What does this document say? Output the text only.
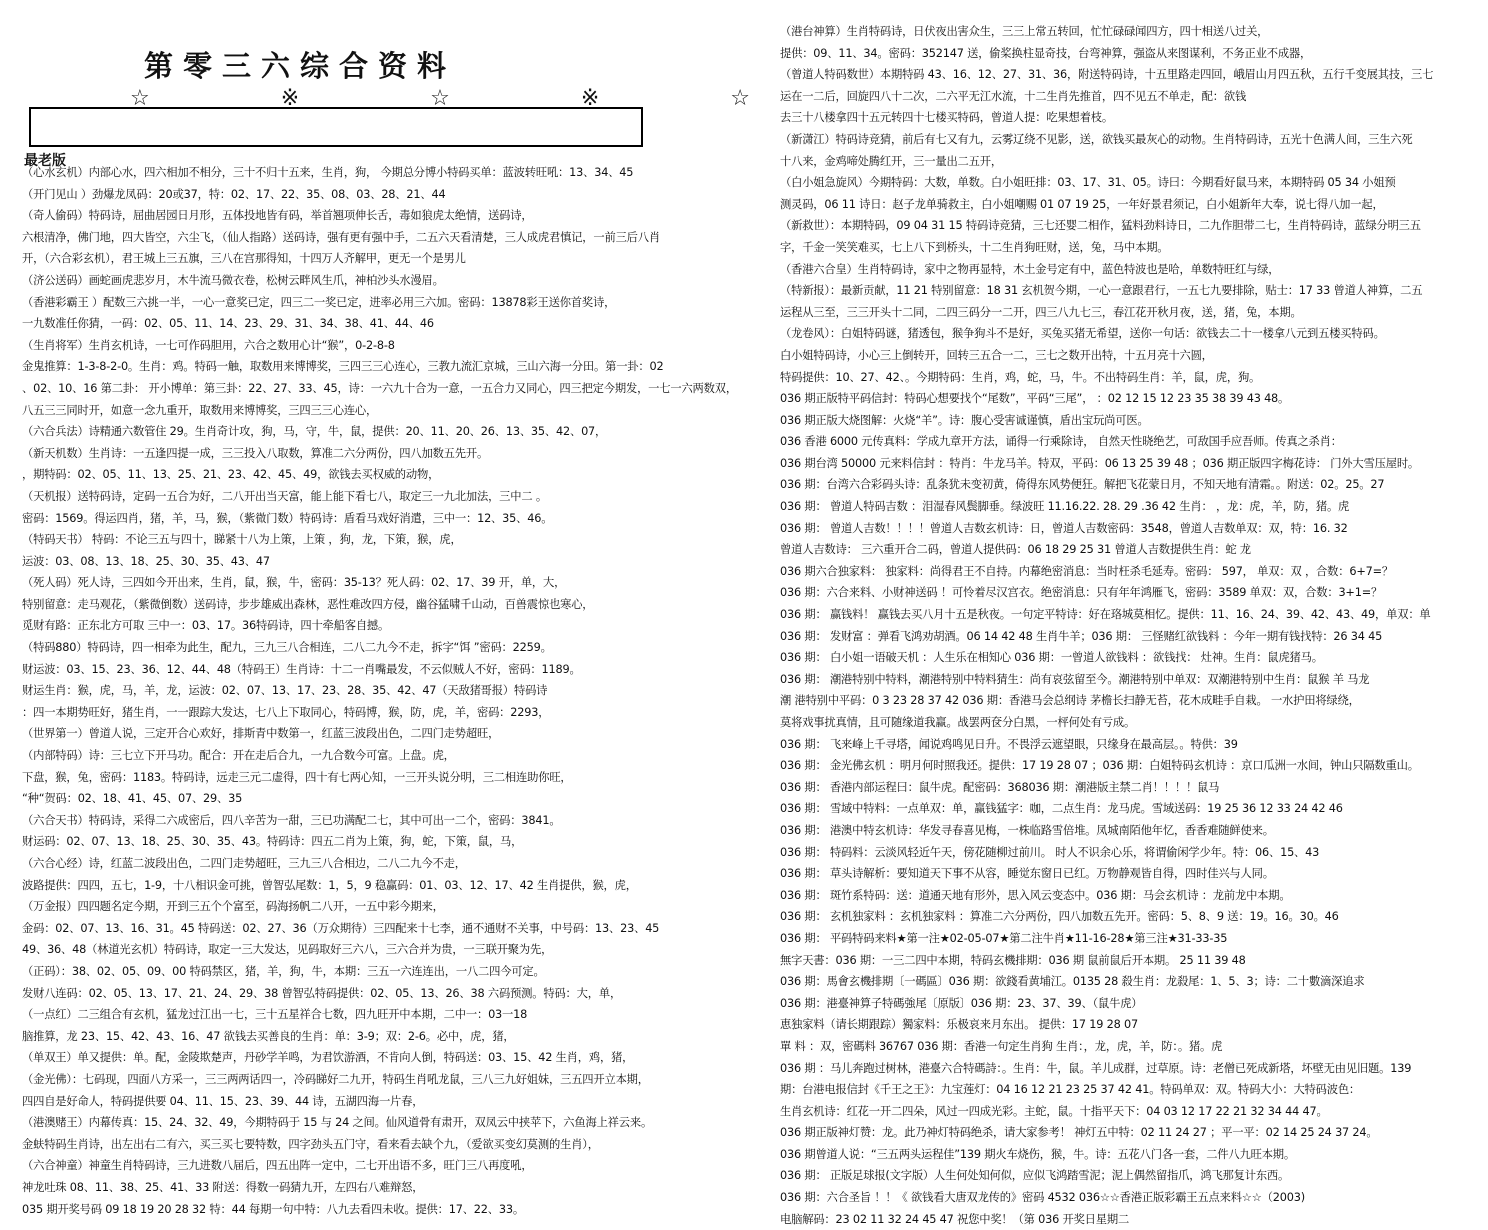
第零三六综合资料
☆ ※ ☆ ※ ☆
最老版
（心水玄机）内部心水，四六相加不相分，三十不归十五来，生肖，狗， 今期总分博小特码买单：蓝波转旺吼：13、34、45
（开门见山 ）劲爆龙凤码：20或37，特：02、17、22、35、08、03、28、21、44
（奇人偷码）特码诗，屈曲居园日月形，五体投地皆有码，举首翘项伸长舌，毒如狼虎太绝情，送码诗，
六根清净，佛门地，四大皆空，六尘飞，（仙人指路）送码诗，强有更有强中手，二五六天看清楚，三人成虎君慎记，一前三后八肖
开，（六合彩玄机），君王城上三五旗，三八在宫那得知，十四万人齐解甲，更无一个是男儿
（济公送码）画蛇画虎悲岁月，木牛流马微衣卷，松树云畔风生爪，神柏沙头水漫眉。
（香港彩霸王 ）配数三六挑一半，一心一意奖已定，四三二一奖已定，进率必用三六加。密码：13878彩王送你首奖诗，
一九数准任你猜，一码：02、05、11、14、23、29、31、34、38、41、44、46
（生肖将军）生肖玄机诗，一七可作码胆用，六合之数用心计“猴”，0-2-8-8
金鬼推算：1-3-8-2-0。生肖：鸡。特码一触，取数用来博博奖，三四三三心连心，三教九流汇京城，三山六海一分田。第一卦：02
、02、10、16 第二卦： 开小博单：第三卦：22、27、33、45，诗：一六九十合为一意，一五合力又同心，四三把定今期发，一七一六两数双，
八五三三同时开，如意一念九重开，取数用来博博奖，三四三三心连心，
（六合兵法）诗精通六数管住 29。生肖奇计攻，狗，马，守，牛，鼠，提供：20、11、20、26、13、35、42、07，
（新天机数）生肖诗：一五逢四提一成，三三投入八取数，算准二六分两份，四八加数五先开。
，期特码：02、05、11、13、25、21、23、42、45、49，欲钱去买权威的动物，
（天机报）送特码诗，定码一五合为好，二八开出当天富，能上能下看七八，取定三一九北加法，三中二 。
密码：1569。得运四肖，猪，羊，马，猴，（紫微门数）特码诗：盾看马戏好消遣，三中一：12、35、46。
（特码天书） 特码：不论三五与四十，睇紧十八为上策，上策 ，狗，龙，下策，猴，虎，
运波：03、08、13、18、25、30、35、43、47
（死人码）死人诗，三四如今开出来，生肖，鼠，猴，牛，密码：35-13？死人码：02、17、39 开，单，大，
特别留意：走马观花，（紫微倒数）送码诗，步步雄威出森林，恶性难改四方侵，幽谷猛啸千山动，百兽震惊也寒心，
觅财有路：正东北方可取 三中一：03、17。36特码诗，四十牵船客自撼。
（特码880）特码诗，四一相牵为此生，配九，三九三八合相连，二八二九今不走，拆字“饵 ”密码：2259。
财运波：03、15、23、36、12、44、48（特码王）生肖诗：十二一肖嘴最发，不云似贼人不好，密码：1189。
财运生肖：猴，虎，马，羊，龙，运波：02、07、13、17、23、28、35、42、47（天敌猪哥报）特码诗
：四一本期势旺好，猪生肖，一一跟踪大发达，七八上下取同心，特码博，猴，防，虎，羊，密码：2293，
（世界第一）曾道人说，三定开合心欢好，排斯青中数第一，红蓝三波段出色，二四门走势超旺，
（内部特码）诗：三七立下开马功。配合：开在走后合九，一九合数今可富。上盘。虎，
下盘，猴，兔，密码：1183。特码诗，远走三元二虚得，四十有七两心知，一三开头说分明，三二相连助你旺，
“种“贺码：02、18、41、45、07、29、35
（六合天书）特码诗，采得二六成密后，四八辛苦为一甜，三已功满配二七，其中可出一二个，密码：3841。
财运码：02、07、13、18、25、30、35、43。特码诗：四五二肖为上策，狗，蛇，下策，鼠，马，
（六合心经）诗，红蓝二波段出色，二四门走势超旺，三九三八合相边，二八二九今不走，
波路提供：四四，五七，1-9，十八相识金可挑，曾智弘尾数：1，5，9 稳赢码：01、03、12、17、42 生肖提供，猴，虎，
（万金报）四四题名定今期，开到三五个个富至，码海扬帆二八开，一五中彩今期来，
金码：02、07、13、16、31。45 特码送：02、27、36（万众期待）三四配来十七李，通不通财不关事，中号码：13、23、45
49、36、48（林道光玄机）特码诗，取定一三大发达，见码取好三六八，三六合并为贵，一三联开聚为先，
（正码）：38、02、05、09、00 特码禁区，猪，羊，狗，牛，本期：三五一六连连出，一八二四今可定。
发财八连码：02、05、13、17、21、24、29、38 曾智弘特码提供：02、05、13、26、38 六码预测。特码：大，单，
（一点红）二三组合有玄机，猛龙过江出一七，三十五星祥合七数，四九旺开中本期，二中一：03一18
脑推算，龙 23、15、42、43、16、47 欲钱去买善良的生肖：单：3-9；双：2-6。必中，虎，猪，
（单双王）单又提供：单。配，金陵欺楚声，丹砂学羊鸣，为君饮游酒，不肯向人倒，特码送：03、15、42 生肖，鸡，猪，
（金光佛）：七码现，四面八方采一，三三两两话四一，冷码睇好二九开，特码生肖吼龙鼠，三八三九好姐妹，三五四开立本期，
四四自是好命人，特码提供要 04、11、15、23、39、44 诗，五湖四海一片春，
（港澳赌王）内幕传真：15、24、32、49，今期特码于 15 与 24 之间。仙风道骨有肃开，双凤云中挟苹下，六鱼海上祥云来。
金蚨特码生肖诗，出左出右二有六，买三买七要特数，四字劲头五门守，看来看去缺个九，（爱欲买变幻莫测的生肖），
（六合神童）神童生肖特码诗，三九进数八届后，四五出阵一定中，二七开出语不多，旺门三八再度吼，
神龙吐珠 08、11、38、25、41、33 附送：得数一码猜九开，左四右八难辩怒，
035 期开奖号码 09 18 19 20 28 32 特：44 每期一句中特：八九去看四未收。提供：17、22、33。
（港台神算）生肖特码诗，日伏夜出害众生，三三上常五转回，忙忙碌碌闻四方，四十相送八过关，
提供：09、11、34。密码：352147 送，偷桨换柱显奇技，台弯神算，强盗从来图谋利，不务正业不成器，
（曾道人特码数世）本期特码 43、16、12、27、31、36，附送特码诗，十五里路走四回，峨眉山月四五秋，五行千变展其技，三七
运在一二后，回旋四八十二次，二六平无江水流，十二生肖先推首，四不见五不单走，配：欲钱
去三十八楼拿四十五元转四十七楼买特码，曾道人提：吃果想着枝。
（新潇江）特码诗竞猜，前后有七又有九，云雾辽绕不见影，送，欲钱买最灰心的动物。生肖特码诗，五光十色满人间，三生六死
十八来，金鸡啼处腾红开，三一量出二五开，
（白小姐急旋风）今期特码：大数，单数。白小姐旺排：03、17、31、05。诗曰：今期看好鼠马来，本期特码 05 34 小姐预
测灵码，06 11 诗日：赵子龙单骑救主，白小姐嘲赐 01 07 19 25，一年好景君须记，白小姐新年大奉，说七得八加一起，
（新救世）：本期特码，09 04 31 15 特码诗竞猜，三七还婴二相作，猛料劲料诗日，二九作胆带二七，生肖特码诗，蓝绿分明三五
字，千金一笑笑难买，七上八下到桥头，十二生肖狗旺财，送，兔，马中本期。
（香港六合皇）生肖特码诗，家中之物再显特，木土金号定有中，蓝色特波也是哈，单数特旺红与绿，
（特新报）：最新贡献，11 21 特别留意：18 31 玄机贺今期，一心一意跟君行，一五七九要排除，贴士：17 33 曾道人神算，二五
运程从三至，三三开头十二同，二四三码分一二开，四三八九七三，春江花开秋月夜，送，猪，兔，本期。
（龙卷风）：白姐特码谜，猪透包，猴争狗斗不是好，买兔买猪无希望，送你一句话：欲钱去二十一楼拿八元到五楼买特码。
白小姐特码诗，小心三上倒转开，回转三五合一二，三七之数开出特，十五月亮十六圆，
特码提供：10、27、42、。今期特码：生肖，鸡，蛇，马，牛。不出特码生肖：羊，鼠，虎，狗。
036 期正版特平码信封：特码心想要找个“尾数”，平码“三尾”， ：02 12 15 12 23 35 38 39 43 48。
036 期正版大烧图解：火烧“羊”。诗：腹心受害诚谨慎，盾出宝玩尚可医。
036 香港 6000 元传真料：学成九章开方法，诵得一行乘除诗， 自然天性晓绝艺，可敌国手应吾师。传真之杀肖：
036 期台湾 50000 元来料信封 ：特肖：牛龙马羊。特双，平码：06 13 25 39 48 ；036 期正版四字梅花诗： 门外大雪压屋时。
036 期：台湾六合彩码头诗：乱条犹未变初黄，倚得东风势便狂。解把飞花蒙日月，不知天地有清霜。。附送：02。25。27
036 期： 曾道人特码吉数 ：泪湿春风鬓脚垂。绿波旺 11.16.22. 28. 29 .36 42 生肖： ，龙：虎，羊，防，猪。虎
036 期： 曾道人吉数！！！！曾道人吉数玄机诗：日，曾道人吉数密码：3548，曾道人吉数单双：双，特：16. 32
曾道人吉数诗： 三六重开合二码，曾道人提供码：06 18 29 25 31 曾道人吉数提供生肖：蛇 龙
036 期六合独家料： 独家料：尚得君王不自持。内幕绝密消息：当时枉杀毛延寿。密码： 597， 单双：双 ，合数：6+7=？
036 期：六合来料、小财神送码 ！可怜着尽汉宫衣。绝密消息：只有年年鸿雁飞，密码：3589 单双：双，合数：3+1=？
036 期： 赢钱料！ 赢钱去买八月十五是秋夜。一句定平特诗：好在珞城莫相忆。提供：11、16、24、39、42、43、49，单双：单
036 期： 发财富 ：弹看飞鸿劝胡酒。06 14 42 48 生肖牛羊；036 期： 三怪赌红欲钱料 ：今年一期有钱找特：26 34 45
036 期： 白小姐一语破天机 ：人生乐在相知心 036 期：一曾道人欲钱料 ：欲钱找： 灶神。生肖：鼠虎猪马。
036 期： 潮港特别中特料，潮港特别中特料猜生：尚有哀弦留至今。潮港特别中单双：双潮港特别中生肖：鼠猴 羊 马龙
潮 港特别中平码：0 3 23 28 37 42 036 期：香港马会总纲诗 茅檐长扫静无苔，花木成畦手自栽。 一水护田将绿绕，
莫将戏事扰真情，且可随缘道我赢。战罢两奁分白黑，一枰何处有亏成。
036 期： 飞来峰上千寻塔，闻说鸡鸣见日升。不畏浮云遮望眼，只缘身在最高层。。特供：39
036 期： 金光佛玄机 ：明月何时照我还。提供：17 19 28 07 ；036 期：白姐特码玄机诗 ：京口瓜洲一水间，钟山只隔数重山。
036 期： 香港内部运程曰：鼠牛虎。配密码：368036 期：潮港版主禁二肖！！！！鼠马
036 期： 雪域中特料：一点单双：单，赢钱猛字：咖，二点生肖：龙马虎。雪域送码：19 25 36 12 33 24 42 46
036 期： 港澳中特玄机诗：华发寻春喜见梅，一株临路雪倍堆。凤城南陌他年忆，香香难随鲜使来。
036 期： 特码料：云淡风轻近午天，傍花随柳过前川。 时人不识余心乐，将谓偷闲学少年。特：06、15、43
036 期： 草头诗解析：要知道天下事不从容，睡觉东窗日已红。万物静观皆自得，四时佳兴与人同。
036 期： 斑竹系特码：送：道通天地有形外，思入风云变态中。036 期：马会玄机诗 ：龙前龙中本期。
036 期： 玄机独家料 ：玄机独家料 ：算准二六分两份，四八加数五先开。密码：5、8、9 送：19。16。30。46
036 期： 平码特码来料★第一注★02-05-07★第二注牛肖★11-16-28★第三注★31-33-35
無字天書：036 期：一三二四中本期，特码玄機排期：036 期 鼠前鼠后开本期。 25 11 39 48
036 期：馬會玄機排期〔一碼區〕036 期：欲錢看黄埔江。0135 28 殺生肖：龙殺尾：1、5、3；诗：二十數滴深追求
036 期：港臺神算子特碼強尾〔原版〕036 期：23、37、39、（鼠牛虎）
恵独家料（请长期跟踪）獨家料：乐极哀来月东出。 提供：17 19 28 07
單 料 ：双，密碼料 36767 036 期：香港一句定生肖狗 生肖：，龙，虎，羊，防：。猪。虎
036 期 ：马儿奔跑过树林，港臺六合特碼詩：。生肖：牛，鼠。羊儿成群，过草原。诗：老僧已死成新塔，坏壁无由见旧题。139
期：台港电报信封《千王之王》：九宝莲灯：04 16 12 21 23 25 37 42 41。特码单双：双。特码大小：大特码波色：
生肖玄机诗：红花一开二四朵，风过一四成光彩。主蛇，鼠。十指平天下：04 03 12 17 22 21 32 34 44 47。
036 期正版神灯赞：龙。此乃神灯特码绝杀，请大家参考！ 神灯五中特：02 11 24 27 ；平一平：02 14 25 24 37 24。
036 期曾道人说：“三五两头运程佳”139 期火车烧伤，猴，牛。诗：五花八门各一套，二件八九旺本期。
036 期： 正版足球报(文字版）人生何处知何似，应似飞鸿踏雪泥；泥上偶然留指爪，鸿飞那复计东西。
036 期：六合圣旨 ！！《 欲钱看大唐双龙传的》密码 4532 036☆☆香港正版彩霸王五点来料☆☆（2003)
电脑解码：23 02 11 32 24 45 47 祝您中奖！（第 036 开奖日星期二
